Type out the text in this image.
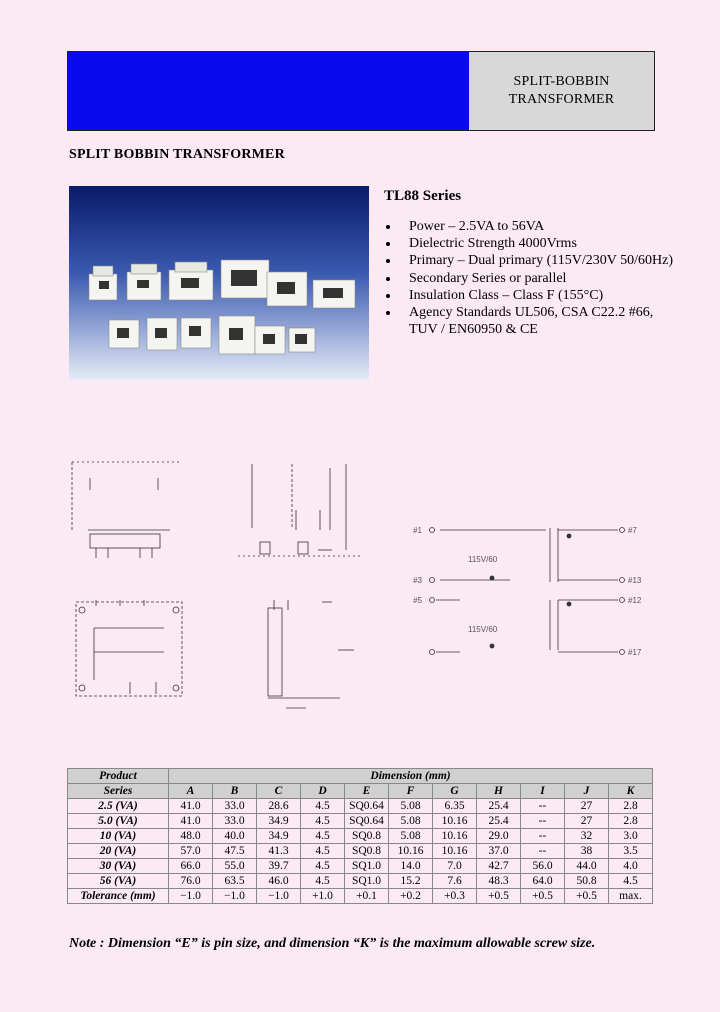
SPLIT-BOBBIN
TRANSFORMER
SPLIT BOBBIN TRANSFORMER
TL88 Series
Power – 2.5VA to 56VA
Dielectric Strength 4000Vrms
Primary – Dual primary (115V/230V 50/60Hz)
Secondary Series or parallel
Insulation Class – Class F (155°C)
Agency Standards UL506, CSA C22.2 #66, TUV / EN60950 & CE
#1	#7
#3	#13
#5	#12
#17
115V/60
115V/60
Product	Dimension (mm)										
Series	A	B	C	D	E	F	G	H	I	J	K
2.5 (VA)	41.0	33.0	28.6	4.5	SQ0.64	5.08	6.35	25.4	--	27	2.8
5.0 (VA)	41.0	33.0	34.9	4.5	SQ0.64	5.08	10.16	25.4	--	27	2.8
10 (VA)	48.0	40.0	34.9	4.5	SQ0.8	5.08	10.16	29.0	--	32	3.0
20 (VA)	57.0	47.5	41.3	4.5	SQ0.8	10.16	10.16	37.0	--	38	3.5
30 (VA)	66.0	55.0	39.7	4.5	SQ1.0	14.0	7.0	42.7	56.0	44.0	4.0
56 (VA)	76.0	63.5	46.0	4.5	SQ1.0	15.2	7.6	48.3	64.0	50.8	4.5
Tolerance (mm)	−1.0	−1.0	−1.0	+1.0	+0.1	+0.2	+0.3	+0.5	+0.5	+0.5	max.
Note : Dimension “E” is pin size, and dimension “K” is the maximum allowable screw size.
